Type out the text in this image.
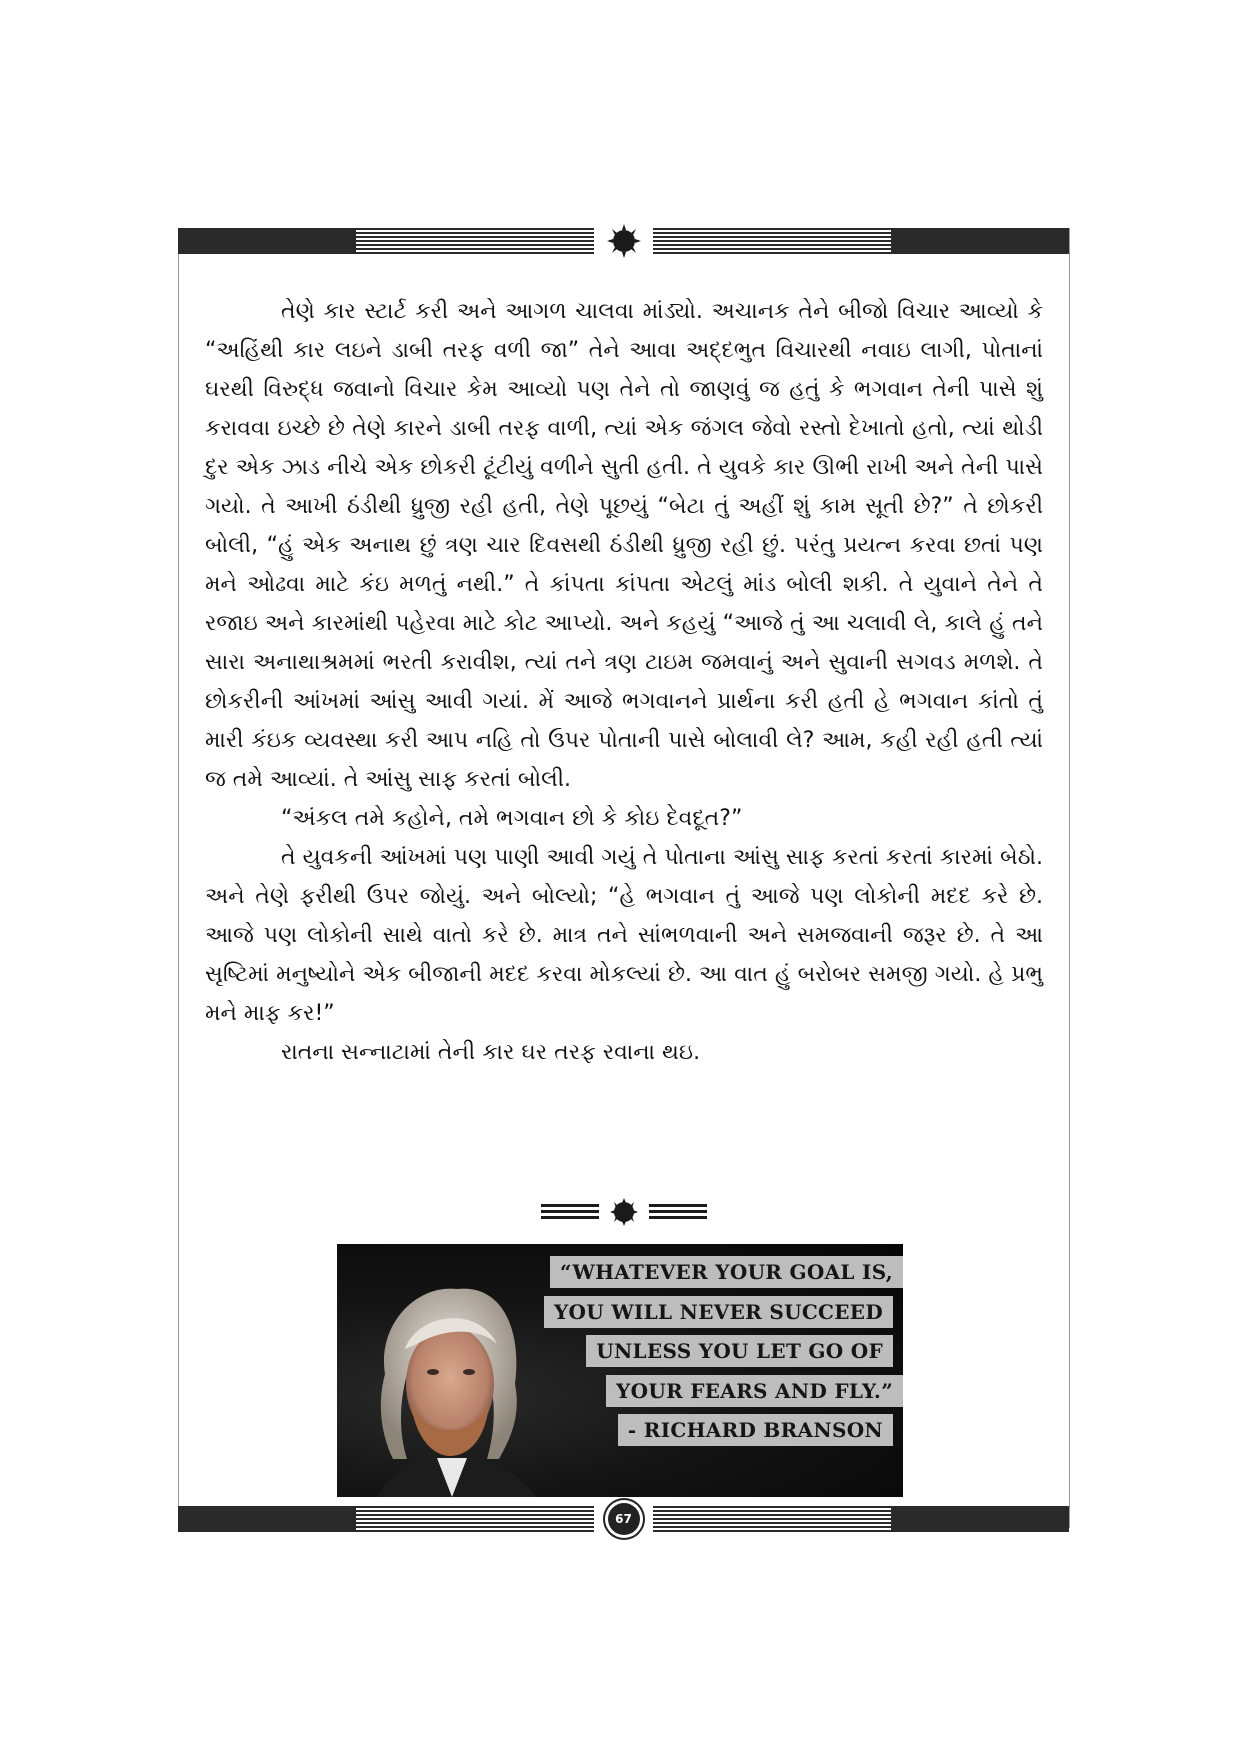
તેણે કાર સ્ટાર્ટ કરી અને આગળ ચાલવા માંડ્યો. અચાનક તેને બીજો વિચાર આવ્યો કે “અહિંથી કાર લઇને ડાબી તરફ વળી જા” તેને આવા અદ્દભુત વિચારથી નવાઇ લાગી, પોતાનાં ઘરથી વિરુદ્ધ જવાનો વિચાર કેમ આવ્યો પણ તેને તો જાણવું જ હતું કે ભગવાન તેની પાસે શું કરાવવા ઇચ્છે છે તેણે કારને ડાબી તરફ વાળી, ત્યાં એક જંગલ જેવો રસ્તો દેખાતો હતો, ત્યાં થોડી દુર એક ઝાડ નીચે એક છોકરી ટૂંટીયું વળીને સુતી હતી. તે યુવકે કાર ઊભી રાખી અને તેની પાસે ગયો. તે આખી ઠંડીથી ધ્રુજી રહી હતી, તેણે પૂછયું “બેટા તું અહીં શું કામ સૂતી છે?” તે છોકરી બોલી, “હું એક અનાથ છું ત્રણ ચાર દિવસથી ઠંડીથી ધ્રુજી રહી છું. પરંતુ પ્રયત્ન કરવા છતાં પણ મને ઓઢવા માટે કંઇ મળતું નથી.” તે કાંપતા કાંપતા એટલું માંડ બોલી શકી. તે યુવાને તેને તે રજાઇ અને કારમાંથી પહેરવા માટે કોટ આપ્યો. અને કહયું “આજે તું આ ચલાવી લે, કાલે હું તને સારા અનાથાશ્રમમાં ભરતી કરાવીશ, ત્યાં તને ત્રણ ટાઇમ જમવાનું અને સુવાની સગવડ મળશે. તે છોકરીની આંખમાં આંસુ આવી ગયાં. મેં આજે ભગવાનને પ્રાર્થના કરી હતી હે ભગવાન કાંતો તું મારી કંઇક વ્યવસ્થા કરી આપ નહિ તો ઉપર પોતાની પાસે બોલાવી લે? આમ, કહી રહી હતી ત્યાં જ તમે આવ્યાં. તે આંસુ સાફ કરતાં બોલી.

“અંકલ તમે કહોને, તમે ભગવાન છો કે કોઇ દેવદૂત?”

તે યુવકની આંખમાં પણ પાણી આવી ગયું તે પોતાના આંસુ સાફ કરતાં કરતાં કારમાં બેઠો. અને તેણે ફરીથી ઉપર જોયું. અને બોલ્યો; “હે ભગવાન તું આજે પણ લોકોની મદદ કરે છે. આજે પણ લોકોની સાથે વાતો કરે છે. માત્ર તને સાંભળવાની અને સમજવાની જરૂર છે. તે આ સૃષ્ટિમાં મનુષ્યોને એક બીજાની મદદ કરવા મોકલ્યાં છે. આ વાત હું બરોબર સમજી ગયો. હે પ્રભુ મને માફ કર!”

રાતના સન્નાટામાં તેની કાર ઘર તરફ રવાના થઇ.

“WHATEVER YOUR GOAL IS,
YOU WILL NEVER SUCCEED
UNLESS YOU LET GO OF
YOUR FEARS AND FLY.”
- RICHARD BRANSON
67
